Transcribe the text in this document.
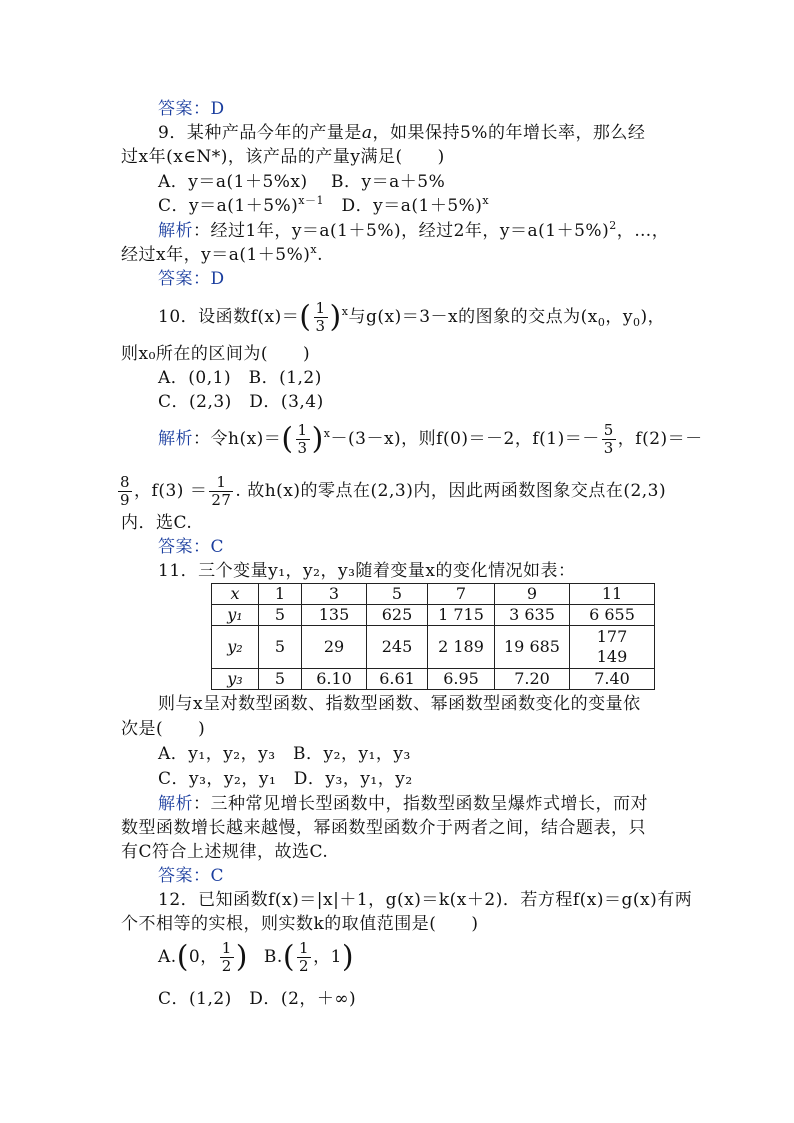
答案：D
9．某种产品今年的产量是a，如果保持5%的年增长率，那么经
过x年(x∈N*)，该产品的产量y满足(　　)
A．y＝a(1＋5%x)　 B．y＝a＋5%
C．$y=a(1+5\%)^{x-1}$　D．$y=a(1+5\%)^x$
解析：经过1年，y＝a(1＋5%)，经过2年，$y=a(1+5\%)^2$，…，
经过x年，$y=a(1+5\%)^x$.
答案：D
10．设函数$f(x)=( \frac{1}{3} )^x$与g(x)＝3－x的图象的交点为($x_0$，$y_0$)，
则x₀所在的区间为(　　)
A．(0,1)　B．(1,2)
C．(2,3)　D．(3,4)
解析：令$h(x)=( \frac{1}{3} )^x-(3-x)$，则f(0)＝－2，$f(1)=- \frac{5}{3}$ ，f(2)＝－
$\frac{8}{9}$ ，$f(3) = \frac{1}{27}$ . 故h(x)的零点在(2,3)内，因此两函数图象交点在(2,3)
内．选C.
答案：C
11．三个变量y₁，y₂，y₃随着变量x的变化情况如表：
x	1	3	5	7	9	11
y₁	5	135	625	1 715	3 635	6 655
y₂	5	29	245	2 189	19 685	177
149

y₃	5	6.10	6.61	6.95	7.20	7.40
则与x呈对数型函数、指数型函数、幂函数型函数变化的变量依
次是(　　)
A．y₁，y₂，y₃　B．y₂，y₁，y₃
C．y₃，y₂，y₁　D．y₃，y₁，y₂
解析：三种常见增长型函数中，指数型函数呈爆炸式增长，而对
数型函数增长越来越慢，幂函数型函数介于两者之间，结合题表，只
有C符合上述规律，故选C.
答案：C
12．已知函数f(x)＝|x|＋1，g(x)＝k(x＋2)．若方程f(x)＝g(x)有两
个不相等的实根，则实数k的取值范围是(　　)
A.(0， $\frac{1}{2}$ ) $B.( \frac{1}{2}$ ，1)
C．(1,2)　D．(2，＋∞)
